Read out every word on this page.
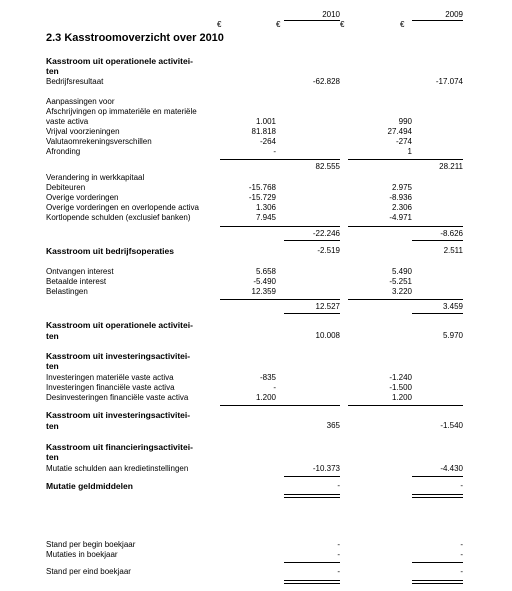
2010	2009
€	€	€	€
2.3 Kasstroomoverzicht over 2010
Kasstroom uit operationele activitei-
ten
Bedrijfsresultaat	-62.828	-17.074
Aanpassingen voor
Afschrijvingen op immateriële en materiële
vaste activa	1.001	990
Vrijval voorzieningen	81.818	27.494
Valutaomrekeningsverschillen	-264	-274
Afronding	-	1
82.555	28.211
Verandering in werkkapitaal
Debiteuren	-15.768	2.975
Overige vorderingen	-15.729	-8.936
Overige vorderingen en overlopende activa	1.306	2.306
Kortlopende schulden (exclusief banken)	7.945	-4.971
-22.246	-8.626
Kasstroom uit bedrijfsoperaties	-2.519	2.511
Ontvangen interest	5.658	5.490
Betaalde interest	-5.490	-5.251
Belastingen	12.359	3.220
12.527	3.459
Kasstroom uit operationele activitei-
ten	10.008	5.970
Kasstroom uit investeringsactivitei-
ten
Investeringen materiële vaste activa	-835	-1.240
Investeringen financiële vaste activa	-	-1.500
Desinvesteringen financiële vaste activa	1.200	1.200
Kasstroom uit investeringsactivitei-
ten	365	-1.540
Kasstroom uit financieringsactivitei-
ten
Mutatie schulden aan kredietinstellingen	-10.373	-4.430
Mutatie geldmiddelen	-	-
Stand per begin boekjaar	-	-
Mutaties in boekjaar	-	-
Stand per eind boekjaar	-	-
